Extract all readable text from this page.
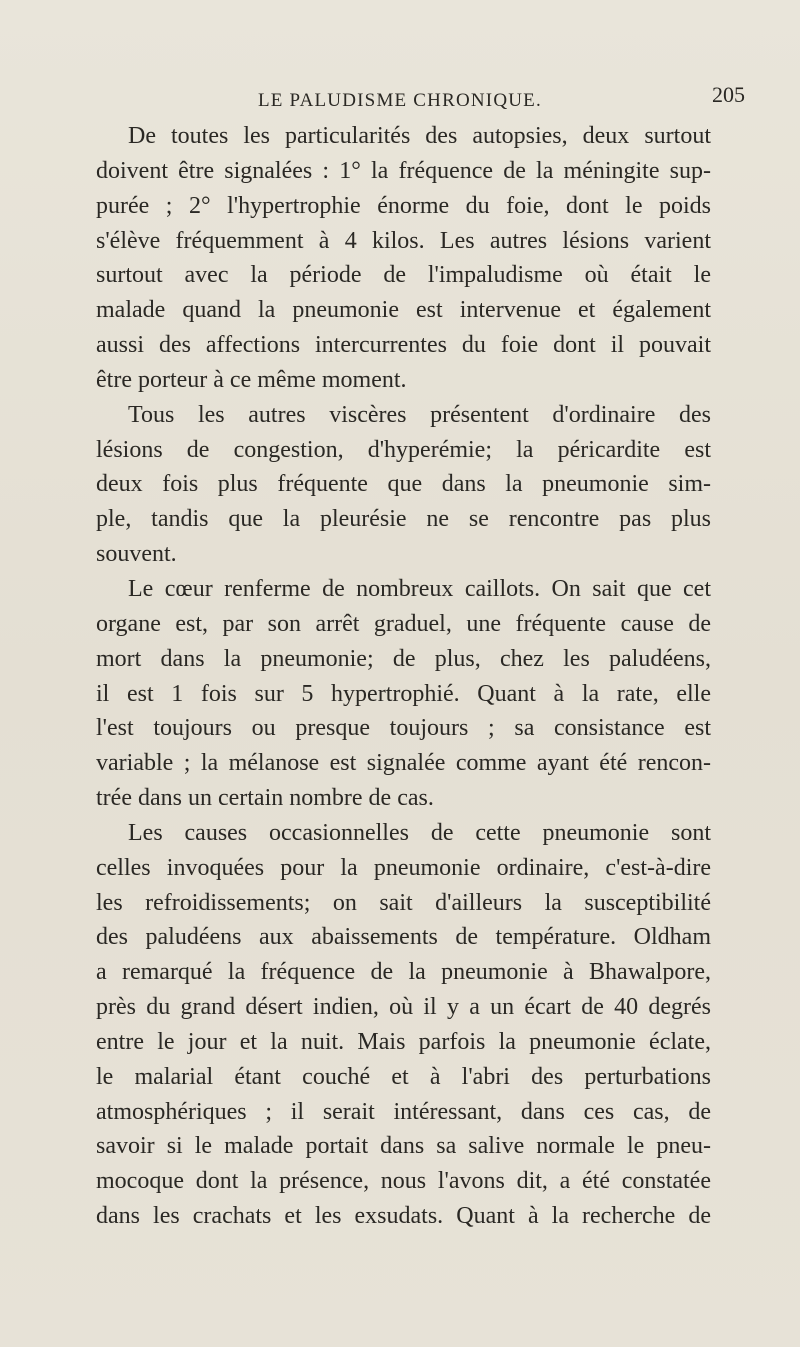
LE PALUDISME CHRONIQUE.	205
De toutes les particularités des autopsies, deux surtout
doivent être signalées : 1° la fréquence de la méningite sup-
purée ; 2° l'hypertrophie énorme du foie, dont le poids
s'élève fréquemment à 4 kilos. Les autres lésions varient
surtout avec la période de l'impaludisme où était le
malade quand la pneumonie est intervenue et également
aussi des affections intercurrentes du foie dont il pouvait
être porteur à ce même moment.
Tous les autres viscères présentent d'ordinaire des
lésions de congestion, d'hyperémie; la péricardite est
deux fois plus fréquente que dans la pneumonie sim-
ple, tandis que la pleurésie ne se rencontre pas plus
souvent.
Le cœur renferme de nombreux caillots. On sait que cet
organe est, par son arrêt graduel, une fréquente cause de
mort dans la pneumonie; de plus, chez les paludéens,
il est 1 fois sur 5 hypertrophié. Quant à la rate, elle
l'est toujours ou presque toujours ; sa consistance est
variable ; la mélanose est signalée comme ayant été rencon-
trée dans un certain nombre de cas.
Les causes occasionnelles de cette pneumonie sont
celles invoquées pour la pneumonie ordinaire, c'est-à-dire
les refroidissements; on sait d'ailleurs la susceptibilité
des paludéens aux abaissements de température. Oldham
a remarqué la fréquence de la pneumonie à Bhawalpore,
près du grand désert indien, où il y a un écart de 40 degrés
entre le jour et la nuit. Mais parfois la pneumonie éclate,
le malarial étant couché et à l'abri des perturbations
atmosphériques ; il serait intéressant, dans ces cas, de
savoir si le malade portait dans sa salive normale le pneu-
mocoque dont la présence, nous l'avons dit, a été constatée
dans les crachats et les exsudats. Quant à la recherche de
